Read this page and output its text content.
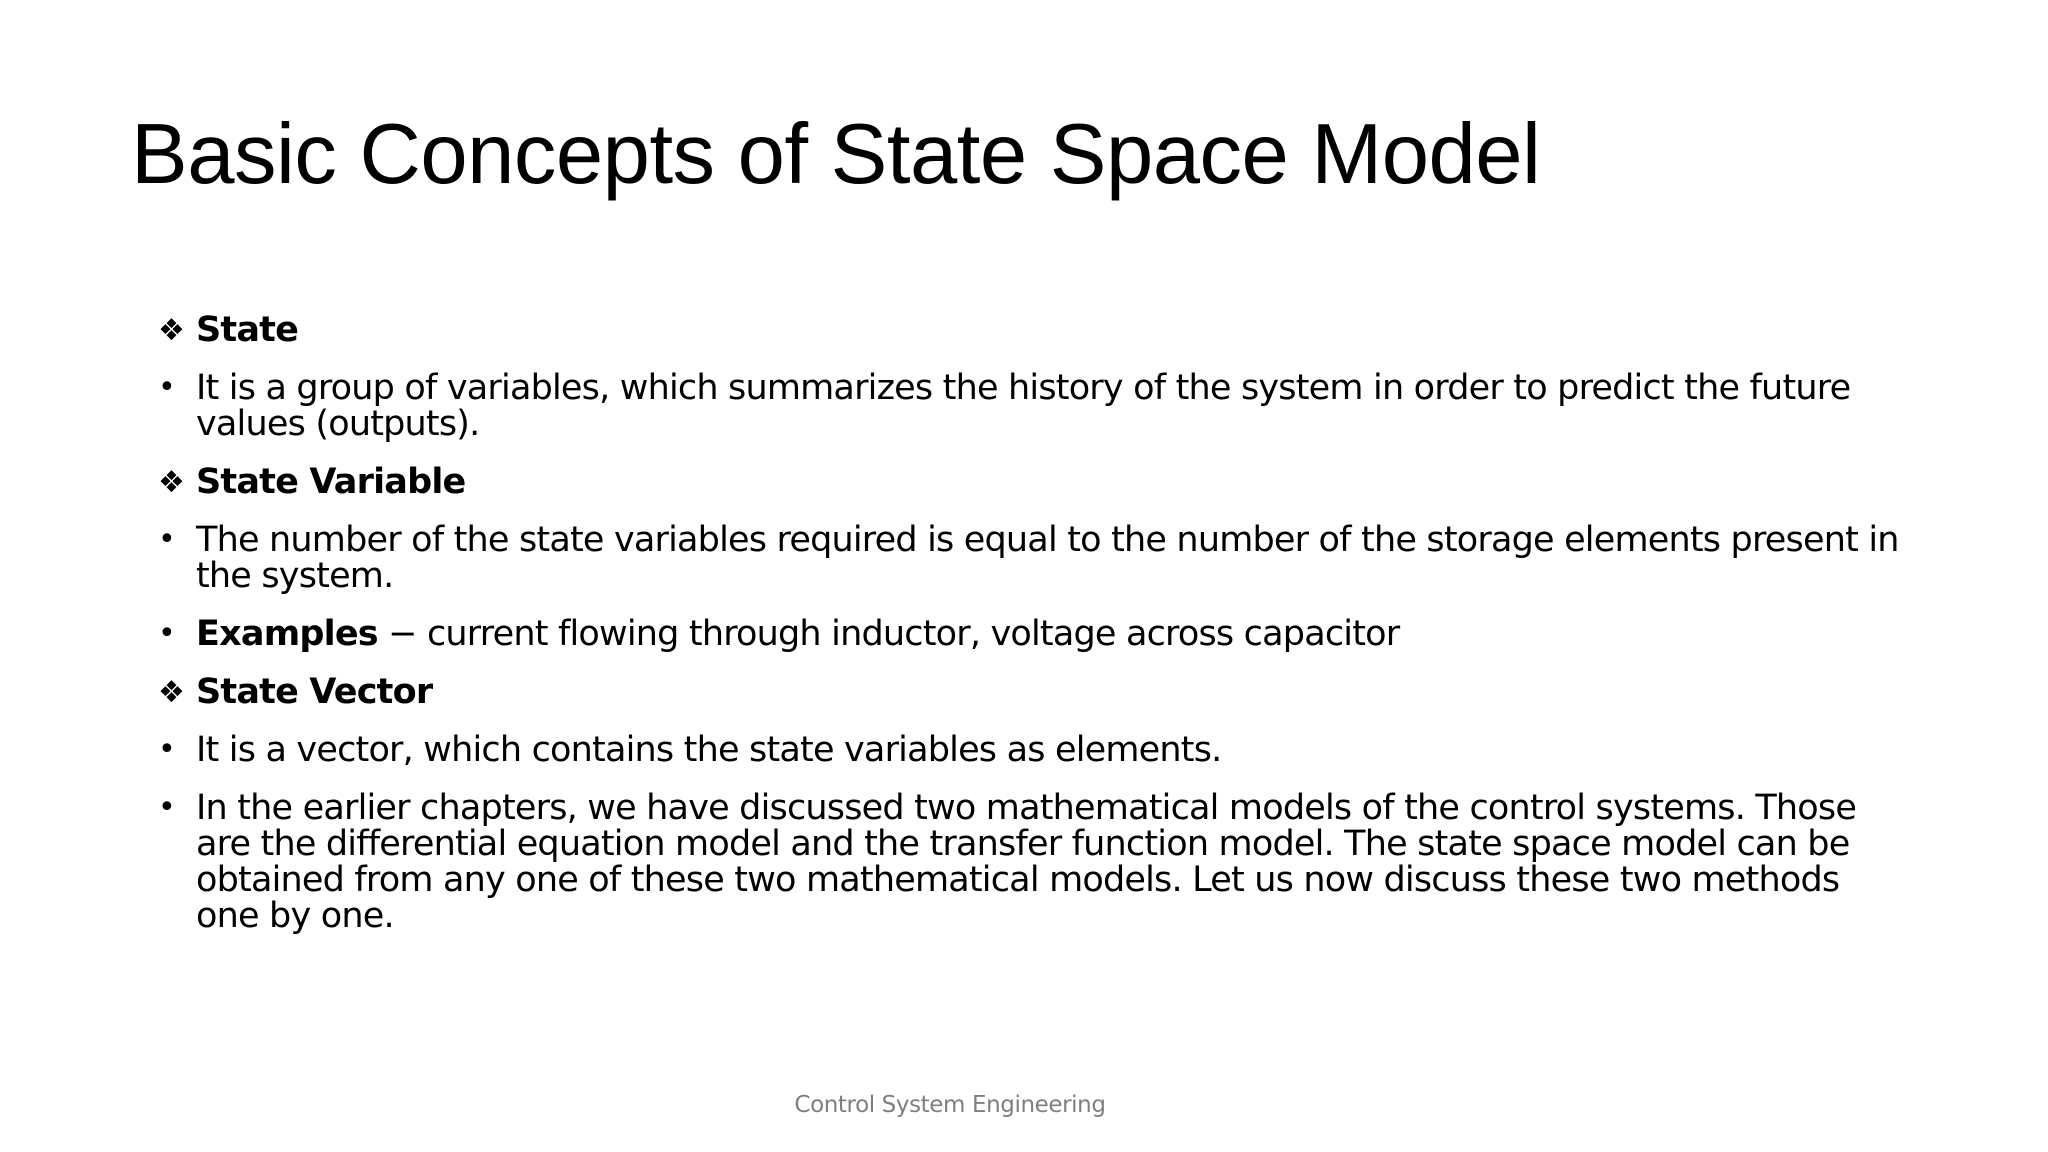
Basic Concepts of State Space Model
❖ State
• It is a group of variables, which summarizes the history of the system in order to predict the future values (outputs).
❖ State Variable
• The number of the state variables required is equal to the number of the storage elements present in the system.
• Examples − current flowing through inductor, voltage across capacitor
❖ State Vector
• It is a vector, which contains the state variables as elements.
• In the earlier chapters, we have discussed two mathematical models of the control systems. Those are the differential equation model and the transfer function model. The state space model can be obtained from any one of these two mathematical models. Let us now discuss these two methods one by one.
Control System Engineering
